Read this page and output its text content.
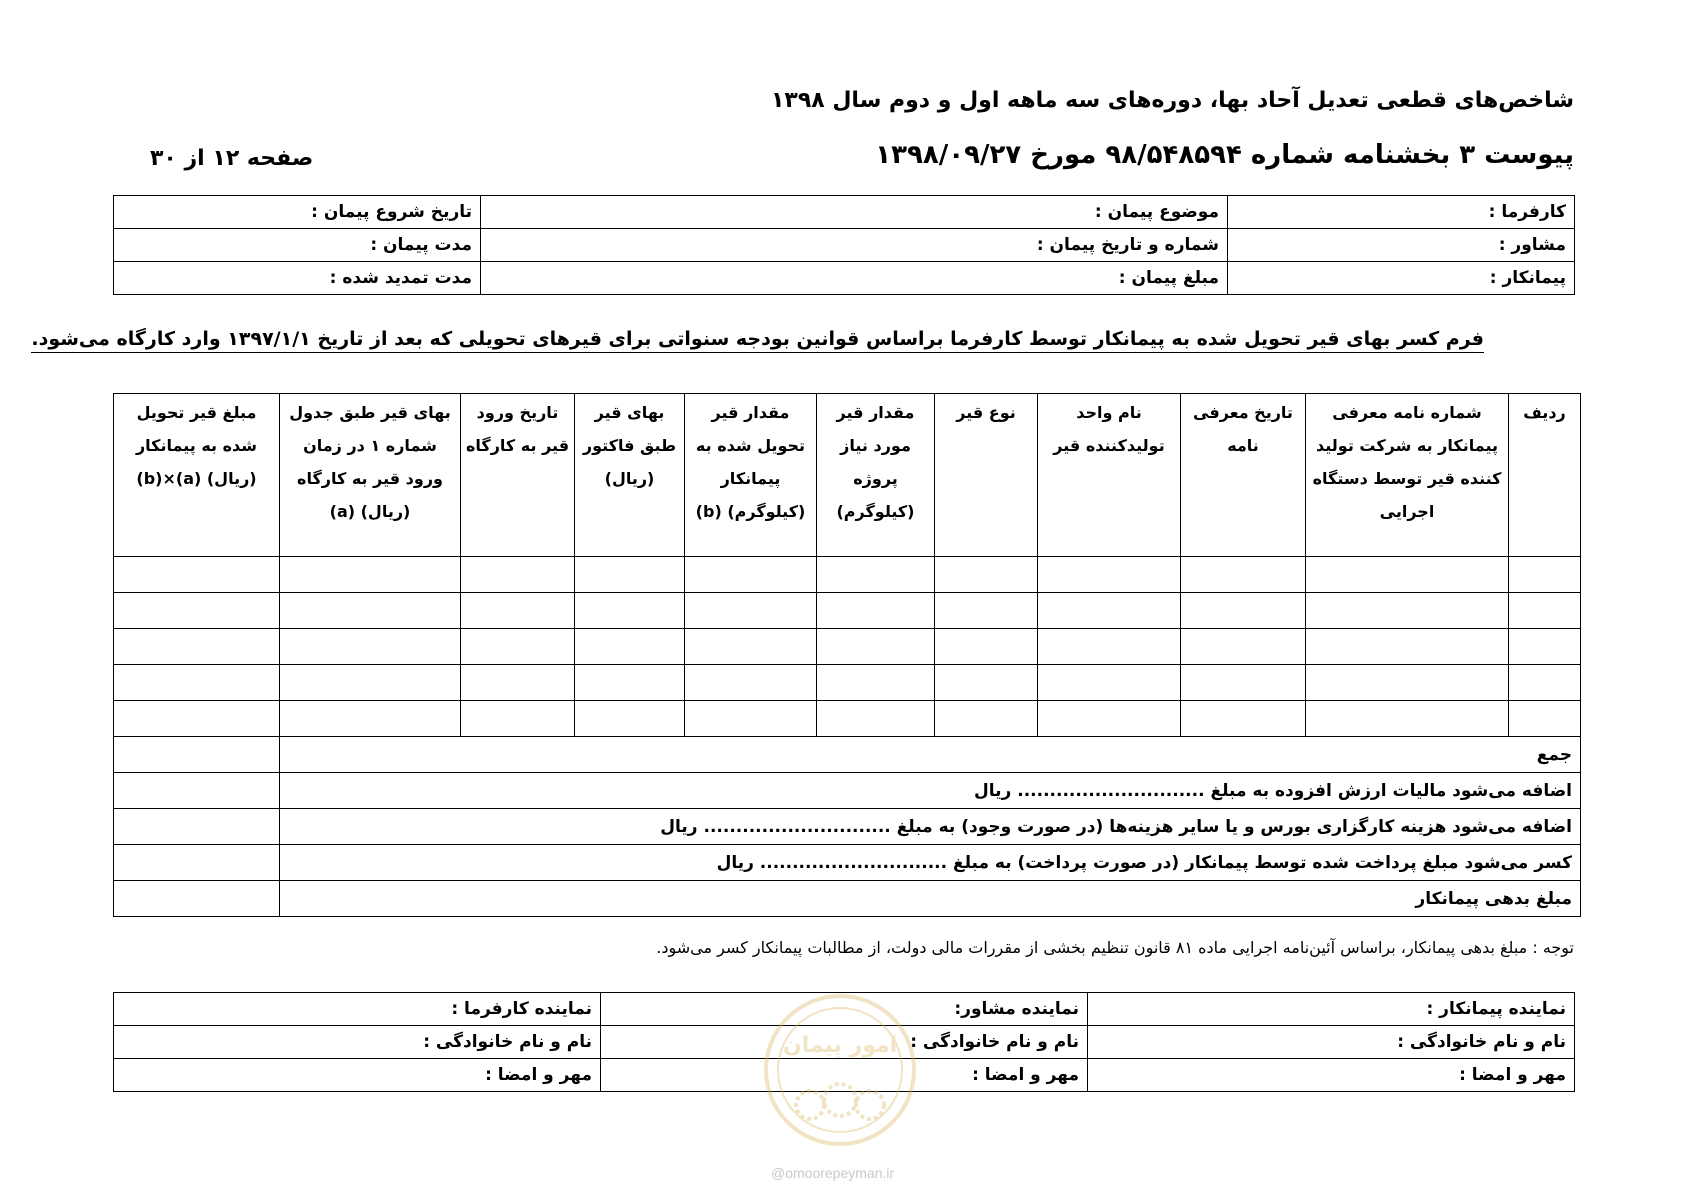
شاخص‌های قطعی تعدیل آحاد بها، دوره‌های سه ماهه اول و دوم سال ۱۳۹۸
پیوست ۳ بخشنامه شماره ۹۸/۵۴۸۵۹۴ مورخ ۱۳۹۸/۰۹/۲۷
صفحه ۱۲ از ۳۰
کارفرما :	موضوع پیمان :	تاریخ شروع پیمان :
مشاور :	شماره و تاریخ پیمان :	مدت پیمان :
پیمانکار :	مبلغ پیمان :	مدت تمدید شده :
فرم کسر بهای قیر تحویل شده به پیمانکار توسط کارفرما براساس قوانین بودجه سنواتی برای قیرهای تحویلی که بعد از تاریخ ۱۳۹۷/۱/۱ وارد کارگاه می‌شود.
ردیف	شماره نامه معرفی پیمانکار به شرکت تولید کننده قیر توسط دستگاه اجرایی	تاریخ معرفی نامه	نام واحد تولیدکننده قیر	نوع قیر	مقدار قیر مورد نیاز پروژه (کیلوگرم)	مقدار قیر تحویل شده به پیمانکار (کیلوگرم) (b)	بهای قیر طبق فاکتور (ریال)	تاریخ ورود قیر به کارگاه	بهای قیر طبق جدول شماره ۱ در زمان ورود قیر به کارگاه (ریال) (a)	مبلغ قیر تحویل شده به پیمانکار (ریال) (a)×(b)

جمع										
اضافه می‌شود مالیات ارزش افزوده به مبلغ ............................. ریال										
اضافه می‌شود هزینه کارگزاری بورس و یا سایر هزینه‌ها (در صورت وجود) به مبلغ ............................. ریال										
کسر می‌شود مبلغ پرداخت شده توسط پیمانکار (در صورت پرداخت) به مبلغ ............................. ریال										
مبلغ بدهی پیمانکار										
توجه : مبلغ بدهی پیمانکار، براساس آئین‌نامه اجرایی ماده ۸۱ قانون تنظیم بخشی از مقررات مالی دولت، از مطالبات پیمانکار کسر می‌شود.
نماینده پیمانکار :	نماینده مشاور:	نماینده کارفرما :
نام و نام خانوادگی :	نام و نام خانوادگی :	نام و نام خانوادگی :
مهر و امضا :	مهر و امضا :	مهر و امضا :
امور پیمان
@omoorepeyman.ir
